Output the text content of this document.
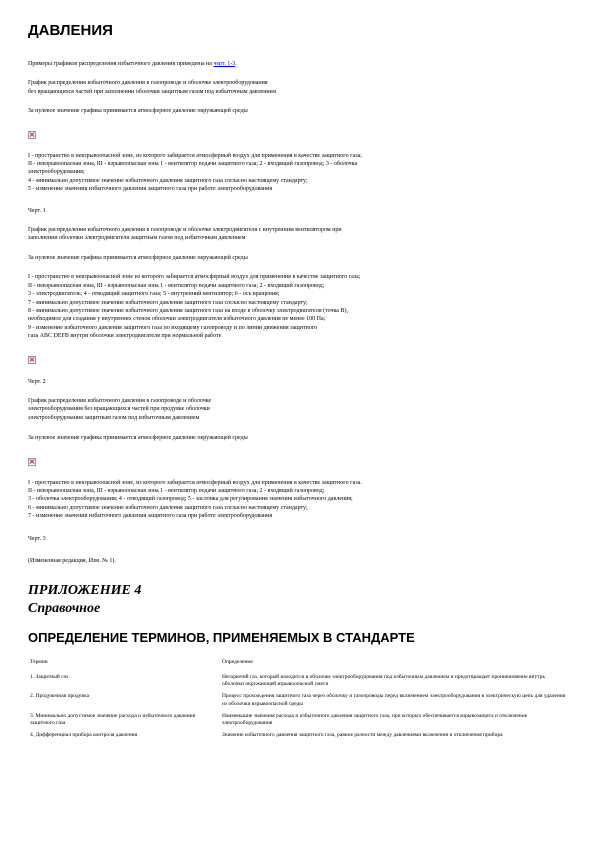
ДАВЛЕНИЯ

Примеры графиков распределения избыточного давления приведены на черт. 1-3.

График распределения избыточного давления в газопроводе и оболочке электрооборудования

без вращающихся частей при заполнении оболочки защитным газом под избыточным давлением

За нулевое значение графика принимается атмосферное давление окружающей среды

I - пространство в невзрывоопасной зоне, из которого забирается атмосферный воздух для применения в качестве защитного газа;

II - невзрывоопасная зона, III - взрывоопасная зона 1 - вентилятор подачи защитного газа; 2 - входящий газопровод; 3 - оболочка

электрооборудования;

4 - минимально допустимое значение избыточного давления защитного газа согласно настоящему стандарту;

5 - изменение значения избыточного давления защитного газа при работе электрооборудования

Черт. 1

График распределения избыточного давления в газопроводе и оболочке электродвигателя с внутренним вентилятором при

заполнении оболочки электродвигателя защитным газом под избыточным давлением

За нулевое значение графика принимается атмосферное давление окружающей среды

I - пространство в невзрывоопасной зоне из которого забирается атмосферный воздух для применения в качестве защитного газа;

II - невзрывоопасная зона, III - взрывоопасная зона 1 - вентилятор подачи защитного газа; 2 - входящий газопровод;

3 - электродвигатель; 4 - отводящий защитного газа; 5 - внутренний вентилятор; 6 - ось вращения;

7 - минимально допустимое значение избыточного давления защитного газа согласно настоящему стандарту;

8 - минимально допустимое значение избыточного давления защитного газа на входе в оболочку электродвигателя (точка В),

необходимое для создания у внутренних стенок оболочки электродвигателя избыточного давления не менее 100 Па;

9 - изменение избыточного давления защитного газа по входящему газопроводу и по линии движения защитного

газа АВС DEFB внутри оболочки электродвигателя при нормальной работе

Черт. 2

График распределения избыточного давления в газопроводе и оболочке

электрооборудования без вращающихся частей при продувке оболочки

электрооборудования защитным газом под избыточным давлением

За нулевое значение графика принимается атмосферное давление окружающей среды

I - пространство в невзрывоопасной зоне, из которого забирается атмосферный воздух для применения в качестве защитного газа.

II - невзрывоопасная зона, III - взрывоопасная зона 1 - вентилятор подачи защитного газа; 2 - входящий газопровод;

3 - оболочка электрооборудования; 4 - отводящий газопровод; 5 - заслонка для регулирования значения избыточного давления;

6 - минимально допустимое значение избыточного давления защитного газа согласно настоящему стандарту;

7 - изменение значения избыточного давления защитного газа при работе электрооборудования

Черт. 3

(Измененная редакция, Изм. № 1).

ПРИЛОЖЕНИЕ 4
Справочное
ОПРЕДЕЛЕНИЕ ТЕРМИНОВ, ПРИМЕНЯЕМЫХ В СТАНДАРТЕ
Термин	Определение
1. Защитный газ	Негорючий газ, который находится в оболочке электрооборудования под избыточным давлением и предотвращает проникновение внутрь оболочки окружающей взрывоопасной смеси
2. Продувочная продувка	Процесс прохождения защитного газа через оболочку и газопроводы перед включением электрооборудования в электрическую цепь для удаления из оболочки взрывоопасной среды
3. Минимально допустимое значение расхода и избыточного давления защитного газа	Наименьшие значения расхода и избыточного давления защитного газа, при которых обеспечивается взрывозащита и отключение электрооборудования
4. Дифференциал прибора контроля давления	Значение избыточного давления защитного газа, равное разности между давлениями включения и отключения прибора
